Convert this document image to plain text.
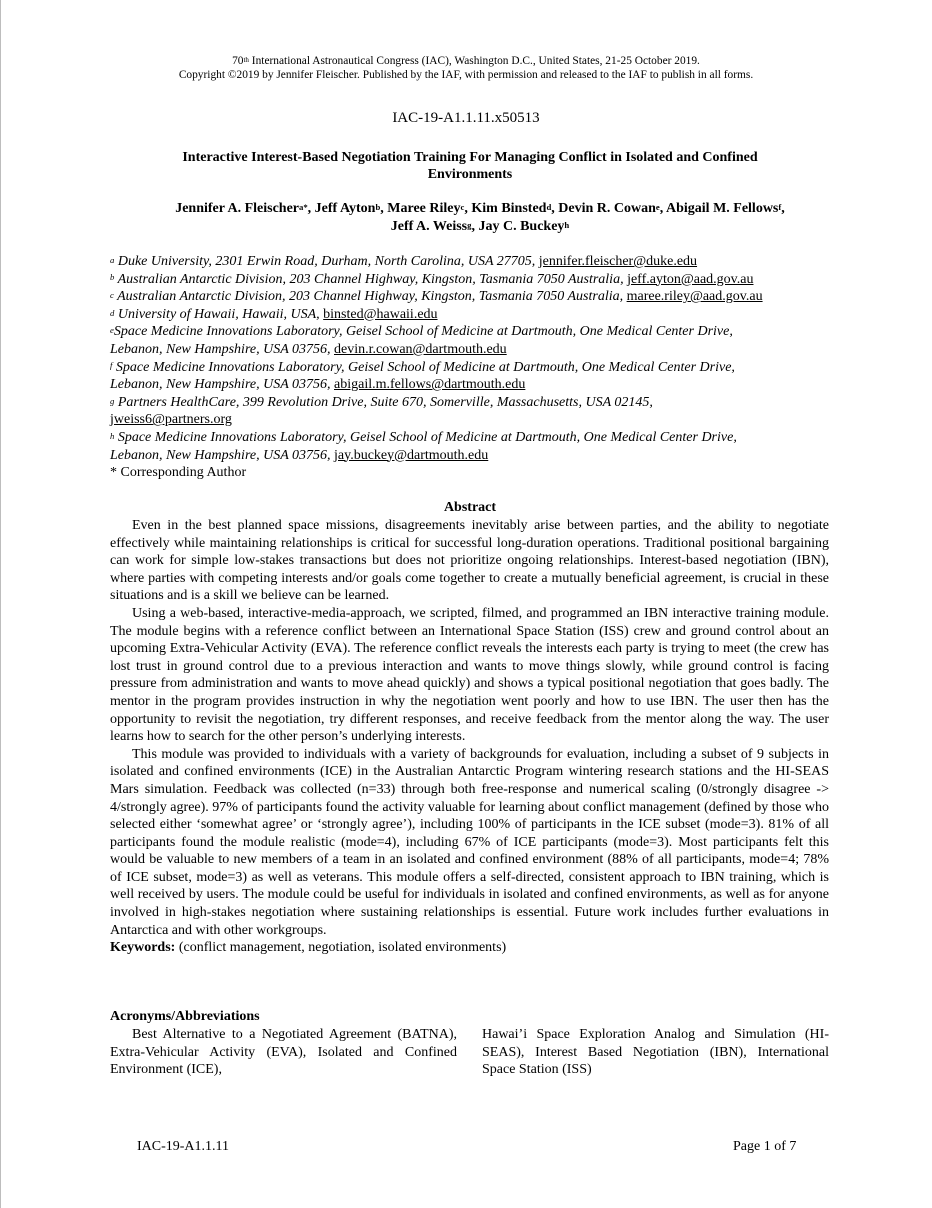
70th International Astronautical Congress (IAC), Washington D.C., United States, 21-25 October 2019.
Copyright ©2019 by Jennifer Fleischer. Published by the IAF, with permission and released to the IAF to publish in all forms.
IAC-19-A1.1.11.x50513
Interactive Interest-Based Negotiation Training For Managing Conflict in Isolated and Confined Environments
Jennifer A. Fleischer$^{a*}$, Jeff Ayton$^b$, Maree Riley$^c$, Kim Binsted$^d$, Devin R. Cowan$^e$, Abigail M. Fellows$^f$,
Jeff A. Weiss$^g$, Jay C. Buckey$^h$
$^a$ Duke University, 2301 Erwin Road, Durham, North Carolina, USA 27705, jennifer.fleischer@duke.edu
$^b$ Australian Antarctic Division, 203 Channel Highway, Kingston, Tasmania 7050 Australia, jeff.ayton@aad.gov.au
$^c$ Australian Antarctic Division, 203 Channel Highway, Kingston, Tasmania 7050 Australia, maree.riley@aad.gov.au
$^d$ University of Hawaii, Hawaii, USA, binsted@hawaii.edu
$^e$Space Medicine Innovations Laboratory, Geisel School of Medicine at Dartmouth, One Medical Center Drive,
Lebanon, New Hampshire, USA 03756, devin.r.cowan@dartmouth.edu
$^f$ Space Medicine Innovations Laboratory, Geisel School of Medicine at Dartmouth, One Medical Center Drive,
Lebanon, New Hampshire, USA 03756, abigail.m.fellows@dartmouth.edu
$^g$ Partners HealthCare, 399 Revolution Drive, Suite 670, Somerville, Massachusetts, USA 02145,
jweiss6@partners.org
$^h$ Space Medicine Innovations Laboratory, Geisel School of Medicine at Dartmouth, One Medical Center Drive,
Lebanon, New Hampshire, USA 03756, jay.buckey@dartmouth.edu
* Corresponding Author
Abstract

Even in the best planned space missions, disagreements inevitably arise between parties, and the ability to negotiate effectively while maintaining relationships is critical for successful long-duration operations. Traditional positional bargaining can work for simple low-stakes transactions but does not prioritize ongoing relationships. Interest-based negotiation (IBN), where parties with competing interests and/or goals come together to create a mutually beneficial agreement, is crucial in these situations and is a skill we believe can be learned.

Using a web-based, interactive-media-approach, we scripted, filmed, and programmed an IBN interactive training module. The module begins with a reference conflict between an International Space Station (ISS) crew and ground control about an upcoming Extra-Vehicular Activity (EVA). The reference conflict reveals the interests each party is trying to meet (the crew has lost trust in ground control due to a previous interaction and wants to move things slowly, while ground control is facing pressure from administration and wants to move ahead quickly) and shows a typical positional negotiation that goes badly. The mentor in the program provides instruction in why the negotiation went poorly and how to use IBN. The user then has the opportunity to revisit the negotiation, try different responses, and receive feedback from the mentor along the way. The user learns how to search for the other person’s underlying interests.

This module was provided to individuals with a variety of backgrounds for evaluation, including a subset of 9 subjects in isolated and confined environments (ICE) in the Australian Antarctic Program wintering research stations and the HI-SEAS Mars simulation. Feedback was collected (n=33) through both free-response and numerical scaling (0/strongly disagree -> 4/strongly agree). 97% of participants found the activity valuable for learning about conflict management (defined by those who selected either ‘somewhat agree’ or ‘strongly agree’), including 100% of participants in the ICE subset (mode=3). 81% of all participants found the module realistic (mode=4), including 67% of ICE participants (mode=3). Most participants felt this would be valuable to new members of a team in an isolated and confined environment (88% of all participants, mode=4; 78% of ICE subset, mode=3) as well as veterans. This module offers a self-directed, consistent approach to IBN training, which is well received by users. The module could be useful for individuals in isolated and confined environments, as well as for anyone involved in high-stakes negotiation where sustaining relationships is essential. Future work includes further evaluations in Antarctica and with other workgroups.

Keywords: (conflict management, negotiation, isolated environments)
Acronyms/Abbreviations
Best Alternative to a Negotiated Agreement (BATNA), Extra-Vehicular Activity (EVA), Isolated and Confined Environment (ICE),
Hawai’i Space Exploration Analog and Simulation (HI-SEAS), Interest Based Negotiation (IBN), International Space Station (ISS)
IAC-19-A1.1.11	Page 1 of 7
